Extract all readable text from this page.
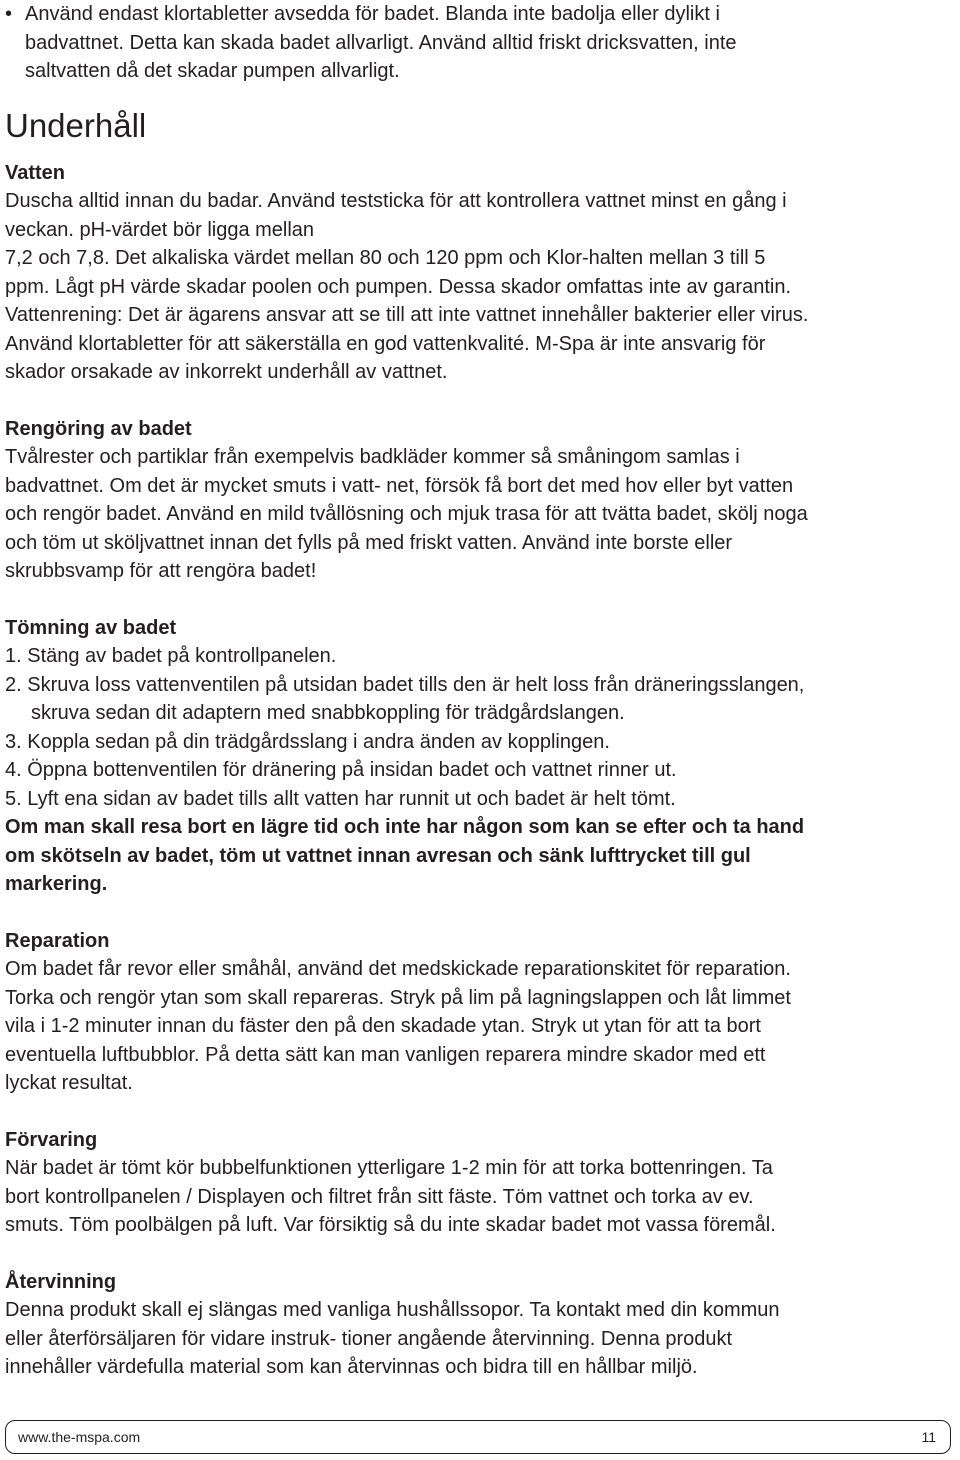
• Använd endast klortabletter avsedda för badet. Blanda inte badolja eller dylikt i
badvattnet. Detta kan skada badet allvarligt. Använd alltid friskt dricksvatten, inte
saltvatten då det skadar pumpen allvarligt.
Underhåll
Vatten
Duscha alltid innan du badar. Använd teststicka för att kontrollera vattnet minst en gång i
veckan. pH-värdet bör ligga mellan
7,2 och 7,8. Det alkaliska värdet mellan 80 och 120 ppm och Klor-halten mellan 3 till 5
ppm. Lågt pH värde skadar poolen och pumpen. Dessa skador omfattas inte av garantin.
Vattenrening: Det är ägarens ansvar att se till att inte vattnet innehåller bakterier eller virus.
Använd klortabletter för att säkerställa en god vattenkvalité. M-Spa är inte ansvarig för
skador orsakade av inkorrekt underhåll av vattnet.
Rengöring av badet
Tvålrester och partiklar från exempelvis badkläder kommer så småningom samlas i
badvattnet. Om det är mycket smuts i vatt- net, försök få bort det med hov eller byt vatten
och rengör badet. Använd en mild tvållösning och mjuk trasa för att tvätta badet, skölj noga
och töm ut sköljvattnet innan det fylls på med friskt vatten. Använd inte borste eller
skrubbsvamp för att rengöra badet!
Tömning av badet
1. Stäng av badet på kontrollpanelen.
2. Skruva loss vattenventilen på utsidan badet tills den är helt loss från dräneringsslangen,
skruva sedan dit adaptern med snabbkoppling för trädgårdslangen.
3. Koppla sedan på din trädgårdsslang i andra änden av kopplingen.
4. Öppna bottenventilen för dränering på insidan badet och vattnet rinner ut.
5. Lyft ena sidan av badet tills allt vatten har runnit ut och badet är helt tömt.
Om man skall resa bort en lägre tid och inte har någon som kan se efter och ta hand
om skötseln av badet, töm ut vattnet innan avresan och sänk lufttrycket till gul
markering.
Reparation
Om badet får revor eller småhål, använd det medskickade reparationskitet för reparation.
Torka och rengör ytan som skall repareras. Stryk på lim på lagningslappen och låt limmet
vila i 1-2 minuter innan du fäster den på den skadade ytan. Stryk ut ytan för att ta bort
eventuella luftbubblor. På detta sätt kan man vanligen reparera mindre skador med ett
lyckat resultat.
Förvaring
När badet är tömt kör bubbelfunktionen ytterligare 1-2 min för att torka bottenringen. Ta
bort kontrollpanelen / Displayen och filtret från sitt fäste. Töm vattnet och torka av ev.
smuts. Töm poolbälgen på luft. Var försiktig så du inte skadar badet mot vassa föremål.
Återvinning
Denna produkt skall ej slängas med vanliga hushållssopor. Ta kontakt med din kommun
eller återförsäljaren för vidare instruk- tioner angående återvinning. Denna produkt
innehåller värdefulla material som kan återvinnas och bidra till en hållbar miljö.
www.the-mspa.com	11
